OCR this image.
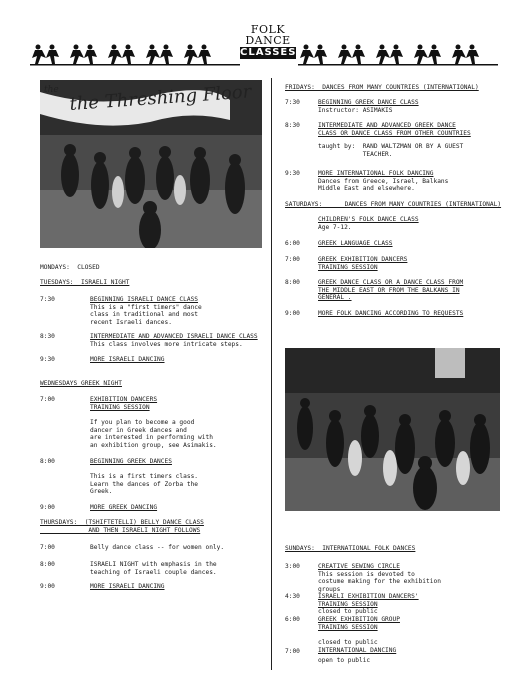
FOLK
DANCE
CLASSES
the the Threshing Floor
MONDAYS:  CLOSED
TUESDAYS:  ISRAELI NIGHT
7:30	BEGINNING ISRAELI DANCE CLASS
This is a "first timers" dance
class in traditional and most
recent Israeli dances.
8:30	INTERMEDIATE AND ADVANCED ISRAELI DANCE CLASS
This class involves more intricate steps.
9:30	MORE ISRAELI DANCING
WEDNESDAYS GREEK NIGHT
7:00	EXHIBITION DANCERS
TRAINING SESSION
If you plan to become a good
dancer in Greek dances and
are interested in performing with
an exhibition group, see Asimakis.
8:00	BEGINNING GREEK DANCES
This is a first timers class.
Learn the dances of Zorba the
Greek.
9:00	MORE GREEK DANCING
THURSDAYS:  (TSHIFTETELLI) BELLY DANCE CLASS
AND THEN ISRAELI NIGHT FOLLOWS
7:00	Belly dance class -- for women only.
8:00	ISRAELI NIGHT with emphasis in the
teaching of Israeli couple dances.
9:00	MORE ISRAELI DANCING
FRIDAYS:  DANCES FROM MANY COUNTRIES (INTERNATIONAL)
7:30	BEGINNING GREEK DANCE CLASS
Instructor: ASIMAKIS
8:30	INTERMEDIATE AND ADVANCED GREEK DANCE
CLASS OR DANCE CLASS FROM OTHER COUNTRIES
taught by:  RAND WALTZMAN OR BY A GUEST
TEACHER.
9:30	MORE INTERNATIONAL FOLK DANCING
Dances from Greece, Israel, Balkans
Middle East and elsewhere.
SATURDAYS:      DANCES FROM MANY COUNTRIES (INTERNATIONAL)
CHILDREN'S FOLK DANCE CLASS
Age 7-12.
6:00	GREEK LANGUAGE CLASS
7:00	GREEK EXHIBITION DANCERS
TRAINING SESSION
8:00	GREEK DANCE CLASS OR A DANCE CLASS FROM
THE MIDDLE EAST OR FROM THE BALKANS IN
GENERAL .
9:00	MORE FOLK DANCING ACCORDING TO REQUESTS
SUNDAYS:  INTERNATIONAL FOLK DANCES
3:00	CREATIVE SEWING CIRCLE
This session is devoted to
costume making for the exhibition
groups
4:30	ISRAELI EXHIBITION DANCERS'
TRAINING SESSION
closed to public
6:00	GREEK EXHIBITION GROUP
TRAINING SESSION
closed to public
7:00	INTERNATIONAL DANCING
open to public
